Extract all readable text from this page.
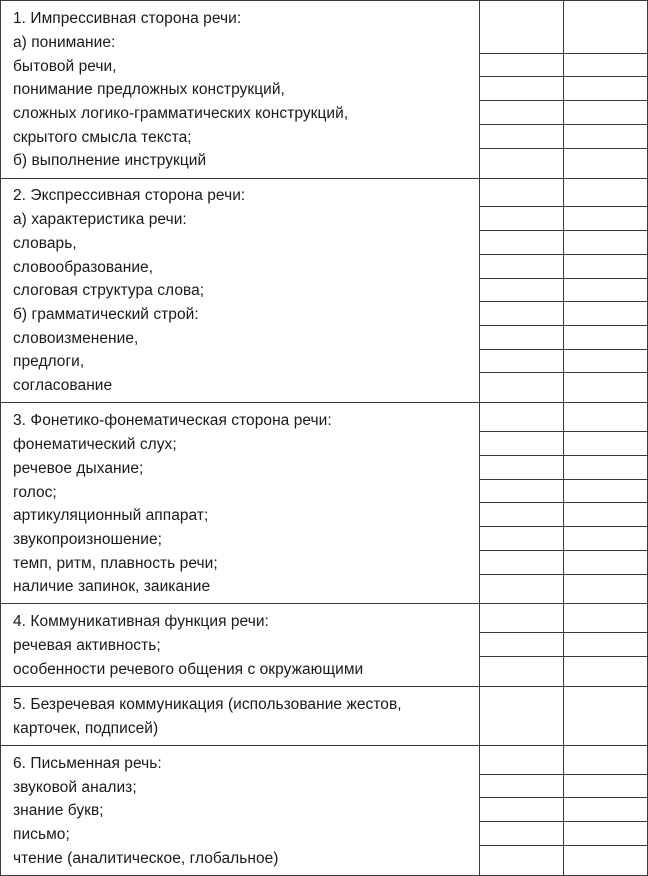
1. Импрессивная сторона речи:
а) понимание:
бытовой речи,
понимание предложных конструкций,
сложных логико-грамматических конструкций,
скрытого смысла текста;
б) выполнение инструкций
2. Экспрессивная сторона речи:
а) характеристика речи:
словарь,
словообразование,
слоговая структура слова;
б) грамматический строй:
словоизменение,
предлоги,
согласование
3. Фонетико-фонематическая сторона речи:
фонематический слух;
речевое дыхание;
голос;
артикуляционный аппарат;
звукопроизношение;
темп, ритм, плавность речи;
наличие запинок, заикание
4. Коммуникативная функция речи:
речевая активность;
особенности речевого общения с окружающими
5. Безречевая коммуникация (использование жестов,
карточек, подписей)
6. Письменная речь:
звуковой анализ;
знание букв;
письмо;
чтение (аналитическое, глобальное)
